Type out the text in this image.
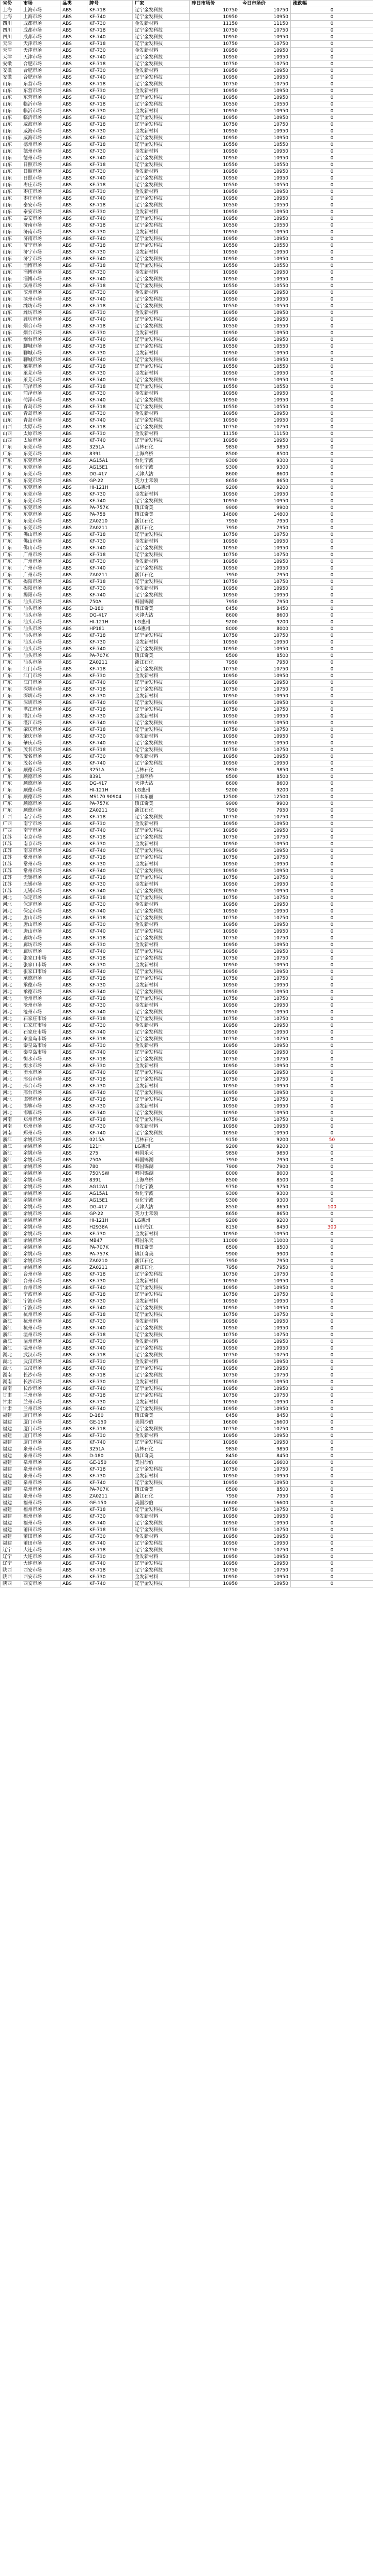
省份	市场	品类	牌号	厂家	昨日市场价	今日市场价	涨跌幅
上海	上海市场	ABS	KF-718	辽宁金发科技	10750	10750	0
上海	上海市场	ABS	KF-740	辽宁金发科技	10950	10950	0
四川	成都市场	ABS	KF-730	金发新材料	11150	11150	0
四川	成都市场	ABS	KF-718	辽宁金发科技	10750	10750	0
四川	成都市场	ABS	KF-740	辽宁金发科技	10950	10950	0
天津	天津市场	ABS	KF-718	辽宁金发科技	10750	10750	0
天津	天津市场	ABS	KF-730	金发新材料	10950	10950	0
天津	天津市场	ABS	KF-740	辽宁金发科技	10950	10950	0
安徽	合肥市场	ABS	KF-718	辽宁金发科技	10750	10750	0
安徽	合肥市场	ABS	KF-730	金发新材料	10950	10950	0
安徽	合肥市场	ABS	KF-740	辽宁金发科技	10950	10950	0
山东	东营市场	ABS	KF-718	辽宁金发科技	10750	10750	0
山东	东营市场	ABS	KF-730	金发新材料	10950	10950	0
山东	东营市场	ABS	KF-740	辽宁金发科技	10950	10950	0
山东	临沂市场	ABS	KF-718	辽宁金发科技	10550	10550	0
山东	临沂市场	ABS	KF-730	金发新材料	10950	10950	0
山东	临沂市场	ABS	KF-740	辽宁金发科技	10950	10950	0
山东	威海市场	ABS	KF-718	辽宁金发科技	10750	10750	0
山东	威海市场	ABS	KF-730	金发新材料	10950	10950	0
山东	威海市场	ABS	KF-740	辽宁金发科技	10950	10950	0
山东	德州市场	ABS	KF-718	辽宁金发科技	10550	10550	0
山东	德州市场	ABS	KF-730	金发新材料	10950	10950	0
山东	德州市场	ABS	KF-740	辽宁金发科技	10950	10950	0
山东	日照市场	ABS	KF-718	辽宁金发科技	10550	10550	0
山东	日照市场	ABS	KF-730	金发新材料	10950	10950	0
山东	日照市场	ABS	KF-740	辽宁金发科技	10950	10950	0
山东	枣庄市场	ABS	KF-718	辽宁金发科技	10550	10550	0
山东	枣庄市场	ABS	KF-730	金发新材料	10950	10950	0
山东	枣庄市场	ABS	KF-740	辽宁金发科技	10950	10950	0
山东	泰安市场	ABS	KF-718	辽宁金发科技	10550	10550	0
山东	泰安市场	ABS	KF-730	金发新材料	10950	10950	0
山东	泰安市场	ABS	KF-740	辽宁金发科技	10950	10950	0
山东	济南市场	ABS	KF-718	辽宁金发科技	10550	10550	0
山东	济南市场	ABS	KF-730	金发新材料	10950	10950	0
山东	济南市场	ABS	KF-740	辽宁金发科技	10950	10950	0
山东	济宁市场	ABS	KF-718	辽宁金发科技	10550	10550	0
山东	济宁市场	ABS	KF-730	金发新材料	10950	10950	0
山东	济宁市场	ABS	KF-740	辽宁金发科技	10950	10950	0
山东	淄博市场	ABS	KF-718	辽宁金发科技	10550	10550	0
山东	淄博市场	ABS	KF-730	金发新材料	10950	10950	0
山东	淄博市场	ABS	KF-740	辽宁金发科技	10950	10950	0
山东	滨州市场	ABS	KF-718	辽宁金发科技	10550	10550	0
山东	滨州市场	ABS	KF-730	金发新材料	10950	10950	0
山东	滨州市场	ABS	KF-740	辽宁金发科技	10950	10950	0
山东	潍坊市场	ABS	KF-718	辽宁金发科技	10550	10550	0
山东	潍坊市场	ABS	KF-730	金发新材料	10950	10950	0
山东	潍坊市场	ABS	KF-740	辽宁金发科技	10950	10950	0
山东	烟台市场	ABS	KF-718	辽宁金发科技	10550	10550	0
山东	烟台市场	ABS	KF-730	金发新材料	10950	10950	0
山东	烟台市场	ABS	KF-740	辽宁金发科技	10950	10950	0
山东	聊城市场	ABS	KF-718	辽宁金发科技	10550	10550	0
山东	聊城市场	ABS	KF-730	金发新材料	10950	10950	0
山东	聊城市场	ABS	KF-740	辽宁金发科技	10950	10950	0
山东	莱芜市场	ABS	KF-718	辽宁金发科技	10550	10550	0
山东	莱芜市场	ABS	KF-730	金发新材料	10950	10950	0
山东	莱芜市场	ABS	KF-740	辽宁金发科技	10950	10950	0
山东	菏泽市场	ABS	KF-718	辽宁金发科技	10550	10550	0
山东	菏泽市场	ABS	KF-730	金发新材料	10950	10950	0
山东	菏泽市场	ABS	KF-740	辽宁金发科技	10950	10950	0
山东	青岛市场	ABS	KF-718	辽宁金发科技	10550	10550	0
山东	青岛市场	ABS	KF-730	金发新材料	10950	10950	0
山东	青岛市场	ABS	KF-740	辽宁金发科技	10950	10950	0
山西	太原市场	ABS	KF-718	辽宁金发科技	10750	10750	0
山西	太原市场	ABS	KF-730	金发新材料	11150	11150	0
山西	太原市场	ABS	KF-740	辽宁金发科技	10950	10950	0
广东	东莞市场	ABS	3251A	吉林石化	9850	9850	0
广东	东莞市场	ABS	8391	上海高桥	8500	8500	0
广东	东莞市场	ABS	AG15A1	台化宁波	9300	9300	0
广东	东莞市场	ABS	AG15E1	台化宁波	9300	9300	0
广东	东莞市场	ABS	DG-417	天津大沽	8600	8600	0
广东	东莞市场	ABS	GP-22	英力士苯领	8650	8650	0
广东	东莞市场	ABS	HI-121H	LG惠州	9200	9200	0
广东	东莞市场	ABS	KF-730	金发新材料	10950	10950	0
广东	东莞市场	ABS	KF-740	辽宁金发科技	10950	10950	0
广东	东莞市场	ABS	PA-757K	镇江奇美	9900	9900	0
广东	东莞市场	ABS	PA-758	镇江奇美	14800	14800	0
广东	东莞市场	ABS	ZA0210	浙江石化	7950	7950	0
广东	东莞市场	ABS	ZA0211	浙江石化	7950	7950	0
广东	佛山市场	ABS	KF-718	辽宁金发科技	10750	10750	0
广东	佛山市场	ABS	KF-730	金发新材料	10950	10950	0
广东	佛山市场	ABS	KF-740	辽宁金发科技	10950	10950	0
广东	广州市场	ABS	KF-718	辽宁金发科技	10750	10750	0
广东	广州市场	ABS	KF-730	金发新材料	10950	10950	0
广东	广州市场	ABS	KF-740	辽宁金发科技	10950	10950	0
广东	广州市场	ABS	ZA0211	浙江石化	7950	7950	0
广东	揭阳市场	ABS	KF-718	辽宁金发科技	10750	10750	0
广东	揭阳市场	ABS	KF-730	金发新材料	10950	10950	0
广东	揭阳市场	ABS	KF-740	辽宁金发科技	10950	10950	0
广东	汕头市场	ABS	750A	韩国锦湖	7950	7950	0
广东	汕头市场	ABS	D-180	镇江奇美	8450	8450	0
广东	汕头市场	ABS	DG-417	天津大沽	8600	8600	0
广东	汕头市场	ABS	HI-121H	LG惠州	9200	9200	0
广东	汕头市场	ABS	HP181	LG惠州	8000	8000	0
广东	汕头市场	ABS	KF-718	辽宁金发科技	10750	10750	0
广东	汕头市场	ABS	KF-730	金发新材料	10950	10950	0
广东	汕头市场	ABS	KF-740	辽宁金发科技	10950	10950	0
广东	汕头市场	ABS	PA-707K	镇江奇美	8500	8500	0
广东	汕头市场	ABS	ZA0211	浙江石化	7950	7950	0
广东	江门市场	ABS	KF-718	辽宁金发科技	10750	10750	0
广东	江门市场	ABS	KF-730	金发新材料	10950	10950	0
广东	江门市场	ABS	KF-740	辽宁金发科技	10950	10950	0
广东	深圳市场	ABS	KF-718	辽宁金发科技	10750	10750	0
广东	深圳市场	ABS	KF-730	金发新材料	10950	10950	0
广东	深圳市场	ABS	KF-740	辽宁金发科技	10950	10950	0
广东	湛江市场	ABS	KF-718	辽宁金发科技	10750	10750	0
广东	湛江市场	ABS	KF-730	金发新材料	10950	10950	0
广东	湛江市场	ABS	KF-740	辽宁金发科技	10950	10950	0
广东	肇庆市场	ABS	KF-718	辽宁金发科技	10750	10750	0
广东	肇庆市场	ABS	KF-730	金发新材料	10950	10950	0
广东	肇庆市场	ABS	KF-740	辽宁金发科技	10950	10950	0
广东	茂名市场	ABS	KF-718	辽宁金发科技	10750	10750	0
广东	茂名市场	ABS	KF-730	金发新材料	10950	10950	0
广东	茂名市场	ABS	KF-740	辽宁金发科技	10950	10950	0
广东	顺德市场	ABS	3251A	吉林石化	9850	9850	0
广东	顺德市场	ABS	8391	上海高桥	8500	8500	0
广东	顺德市场	ABS	DG-417	天津大沽	8600	8600	0
广东	顺德市场	ABS	HI-121H	LG惠州	9200	9200	0
广东	顺德市场	ABS	MS170 90904	日本东丽	12500	12500	0
广东	顺德市场	ABS	PA-757K	镇江奇美	9900	9900	0
广东	顺德市场	ABS	ZA0211	浙江石化	7950	7950	0
广西	南宁市场	ABS	KF-718	辽宁金发科技	10750	10750	0
广西	南宁市场	ABS	KF-730	金发新材料	10950	10950	0
广西	南宁市场	ABS	KF-740	辽宁金发科技	10950	10950	0
江苏	南京市场	ABS	KF-718	辽宁金发科技	10750	10750	0
江苏	南京市场	ABS	KF-730	金发新材料	10950	10950	0
江苏	南京市场	ABS	KF-740	辽宁金发科技	10950	10950	0
江苏	常州市场	ABS	KF-718	辽宁金发科技	10750	10750	0
江苏	常州市场	ABS	KF-730	金发新材料	10950	10950	0
江苏	常州市场	ABS	KF-740	辽宁金发科技	10950	10950	0
江苏	无锡市场	ABS	KF-718	辽宁金发科技	10750	10750	0
江苏	无锡市场	ABS	KF-730	金发新材料	10950	10950	0
江苏	无锡市场	ABS	KF-740	辽宁金发科技	10950	10950	0
河北	保定市场	ABS	KF-718	辽宁金发科技	10750	10750	0
河北	保定市场	ABS	KF-730	金发新材料	10950	10950	0
河北	保定市场	ABS	KF-740	辽宁金发科技	10950	10950	0
河北	唐山市场	ABS	KF-718	辽宁金发科技	10750	10750	0
河北	唐山市场	ABS	KF-730	金发新材料	10950	10950	0
河北	唐山市场	ABS	KF-740	辽宁金发科技	10950	10950	0
河北	廊坊市场	ABS	KF-718	辽宁金发科技	10750	10750	0
河北	廊坊市场	ABS	KF-730	金发新材料	10950	10950	0
河北	廊坊市场	ABS	KF-740	辽宁金发科技	10950	10950	0
河北	张家口市场	ABS	KF-718	辽宁金发科技	10750	10750	0
河北	张家口市场	ABS	KF-730	金发新材料	10950	10950	0
河北	张家口市场	ABS	KF-740	辽宁金发科技	10950	10950	0
河北	承德市场	ABS	KF-718	辽宁金发科技	10750	10750	0
河北	承德市场	ABS	KF-730	金发新材料	10950	10950	0
河北	承德市场	ABS	KF-740	辽宁金发科技	10950	10950	0
河北	沧州市场	ABS	KF-718	辽宁金发科技	10750	10750	0
河北	沧州市场	ABS	KF-730	金发新材料	10950	10950	0
河北	沧州市场	ABS	KF-740	辽宁金发科技	10950	10950	0
河北	石家庄市场	ABS	KF-718	辽宁金发科技	10750	10750	0
河北	石家庄市场	ABS	KF-730	金发新材料	10950	10950	0
河北	石家庄市场	ABS	KF-740	辽宁金发科技	10950	10950	0
河北	秦皇岛市场	ABS	KF-718	辽宁金发科技	10750	10750	0
河北	秦皇岛市场	ABS	KF-730	金发新材料	10950	10950	0
河北	秦皇岛市场	ABS	KF-740	辽宁金发科技	10950	10950	0
河北	衡水市场	ABS	KF-718	辽宁金发科技	10750	10750	0
河北	衡水市场	ABS	KF-730	金发新材料	10950	10950	0
河北	衡水市场	ABS	KF-740	辽宁金发科技	10950	10950	0
河北	邢台市场	ABS	KF-718	辽宁金发科技	10750	10750	0
河北	邢台市场	ABS	KF-730	金发新材料	10950	10950	0
河北	邢台市场	ABS	KF-740	辽宁金发科技	10950	10950	0
河北	邯郸市场	ABS	KF-718	辽宁金发科技	10750	10750	0
河北	邯郸市场	ABS	KF-730	金发新材料	10950	10950	0
河北	邯郸市场	ABS	KF-740	辽宁金发科技	10950	10950	0
河南	郑州市场	ABS	KF-718	辽宁金发科技	10750	10750	0
河南	郑州市场	ABS	KF-730	金发新材料	10950	10950	0
河南	郑州市场	ABS	KF-740	辽宁金发科技	10950	10950	0
浙江	余姚市场	ABS	0215A	吉林石化	9150	9200	50
浙江	余姚市场	ABS	121H	LG惠州	9200	9200	0
浙江	余姚市场	ABS	275	韩国乐天	9850	9850	0
浙江	余姚市场	ABS	750A	韩国锦湖	7950	7950	0
浙江	余姚市场	ABS	780	韩国锦湖	7900	7900	0
浙江	余姚市场	ABS	750NSW	韩国锦湖	8000	8000	0
浙江	余姚市场	ABS	8391	上海高桥	8500	8500	0
浙江	余姚市场	ABS	AG12A1	台化宁波	9750	9750	0
浙江	余姚市场	ABS	AG15A1	台化宁波	9300	9300	0
浙江	余姚市场	ABS	AG15E1	台化宁波	9300	9300	0
浙江	余姚市场	ABS	DG-417	天津大沽	8550	8650	100
浙江	余姚市场	ABS	GP-22	英力士苯领	8650	8650	0
浙江	余姚市场	ABS	HI-121H	LG惠州	9200	9200	0
浙江	余姚市场	ABS	H2938A	山东海江	8150	8450	300
浙江	余姚市场	ABS	KF-730	金发新材料	10950	10950	0
浙江	余姚市场	ABS	MB47	韩国乐天	11000	11000	0
浙江	余姚市场	ABS	PA-707K	镇江奇美	8500	8500	0
浙江	余姚市场	ABS	PA-757K	镇江奇美	9900	9900	0
浙江	余姚市场	ABS	ZA0210	浙江石化	7950	7950	0
浙江	余姚市场	ABS	ZA0211	浙江石化	7950	7950	0
浙江	台州市场	ABS	KF-718	辽宁金发科技	10750	10750	0
浙江	台州市场	ABS	KF-730	金发新材料	10950	10950	0
浙江	台州市场	ABS	KF-740	辽宁金发科技	10950	10950	0
浙江	宁波市场	ABS	KF-718	辽宁金发科技	10750	10750	0
浙江	宁波市场	ABS	KF-730	金发新材料	10950	10950	0
浙江	宁波市场	ABS	KF-740	辽宁金发科技	10950	10950	0
浙江	杭州市场	ABS	KF-718	辽宁金发科技	10750	10750	0
浙江	杭州市场	ABS	KF-730	金发新材料	10950	10950	0
浙江	杭州市场	ABS	KF-740	辽宁金发科技	10950	10950	0
浙江	温州市场	ABS	KF-718	辽宁金发科技	10750	10750	0
浙江	温州市场	ABS	KF-730	金发新材料	10950	10950	0
浙江	温州市场	ABS	KF-740	辽宁金发科技	10950	10950	0
湖北	武汉市场	ABS	KF-718	辽宁金发科技	10750	10750	0
湖北	武汉市场	ABS	KF-730	金发新材料	10950	10950	0
湖北	武汉市场	ABS	KF-740	辽宁金发科技	10950	10950	0
湖南	长沙市场	ABS	KF-718	辽宁金发科技	10750	10750	0
湖南	长沙市场	ABS	KF-730	金发新材料	10950	10950	0
湖南	长沙市场	ABS	KF-740	辽宁金发科技	10950	10950	0
甘肃	兰州市场	ABS	KF-718	辽宁金发科技	10750	10750	0
甘肃	兰州市场	ABS	KF-730	金发新材料	10950	10950	0
甘肃	兰州市场	ABS	KF-740	辽宁金发科技	10950	10950	0
福建	厦门市场	ABS	D-180	镇江奇美	8450	8450	0
福建	厦门市场	ABS	GE-150	美国沙伯	16600	16600	0
福建	厦门市场	ABS	KF-718	辽宁金发科技	10750	10750	0
福建	厦门市场	ABS	KF-730	金发新材料	10950	10950	0
福建	厦门市场	ABS	KF-740	辽宁金发科技	10950	10950	0
福建	泉州市场	ABS	3251A	吉林石化	9850	9850	0
福建	泉州市场	ABS	D-180	镇江奇美	8450	8450	0
福建	泉州市场	ABS	GE-150	美国沙伯	16600	16600	0
福建	泉州市场	ABS	KF-718	辽宁金发科技	10750	10750	0
福建	泉州市场	ABS	KF-730	金发新材料	10950	10950	0
福建	泉州市场	ABS	KF-740	辽宁金发科技	10950	10950	0
福建	泉州市场	ABS	PA-707K	镇江奇美	8500	8500	0
福建	泉州市场	ABS	ZA0211	浙江石化	7950	7950	0
福建	福州市场	ABS	GE-150	美国沙伯	16600	16600	0
福建	福州市场	ABS	KF-718	辽宁金发科技	10750	10750	0
福建	福州市场	ABS	KF-730	金发新材料	10950	10950	0
福建	福州市场	ABS	KF-740	辽宁金发科技	10950	10950	0
福建	莆田市场	ABS	KF-718	辽宁金发科技	10750	10750	0
福建	莆田市场	ABS	KF-730	金发新材料	10950	10950	0
福建	莆田市场	ABS	KF-740	辽宁金发科技	10950	10950	0
辽宁	大连市场	ABS	KF-718	辽宁金发科技	10750	10750	0
辽宁	大连市场	ABS	KF-730	金发新材料	10950	10950	0
辽宁	大连市场	ABS	KF-740	辽宁金发科技	10950	10950	0
陕西	西安市场	ABS	KF-718	辽宁金发科技	10750	10750	0
陕西	西安市场	ABS	KF-730	金发新材料	10950	10950	0
陕西	西安市场	ABS	KF-740	辽宁金发科技	10950	10950	0
